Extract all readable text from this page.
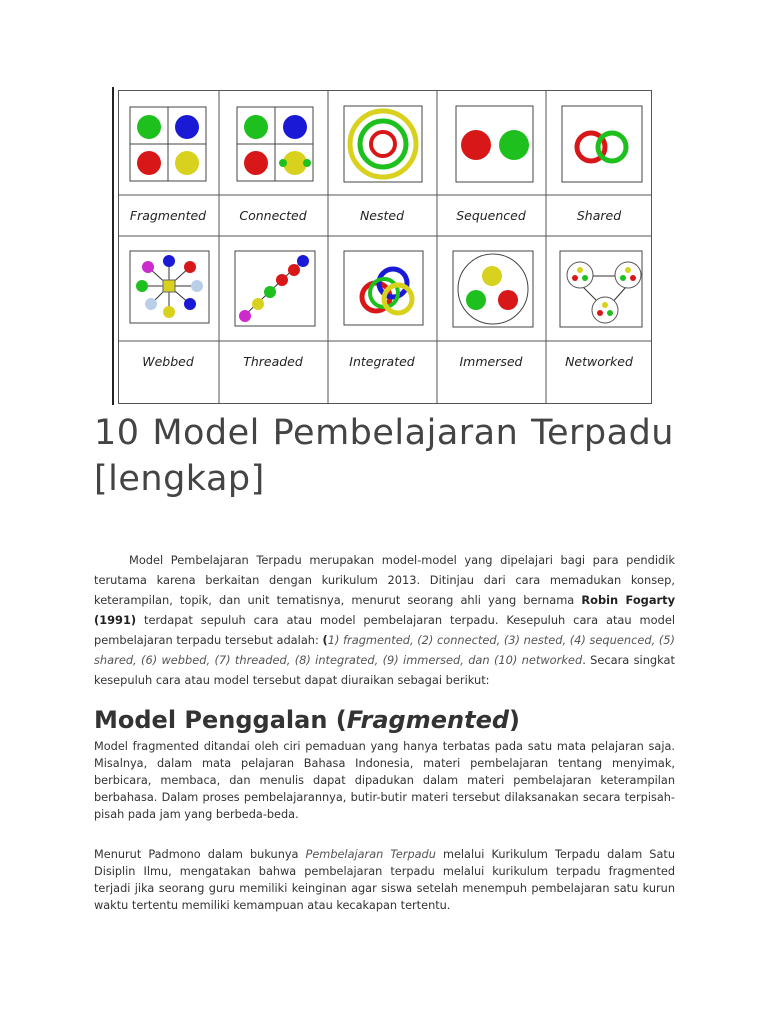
Fragmented	Connected	Nested	Sequenced	Shared
Webbed	Threaded	Integrated	Immersed	Networked
10 Model Pembelajaran Terpadu [lengkap]

Model Pembelajaran Terpadu merupakan model-model yang dipelajari bagi para pendidik terutama karena berkaitan dengan kurikulum 2013. Ditinjau dari cara memadukan konsep, keterampilan, topik, dan unit tematisnya, menurut seorang ahli yang bernama Robin Fogarty (1991) terdapat sepuluh cara atau model pembelajaran terpadu. Kesepuluh cara atau model pembelajaran terpadu tersebut adalah: (1) fragmented, (2) connected, (3) nested, (4) sequenced, (5) shared, (6) webbed, (7) threaded, (8) integrated, (9) immersed, dan (10) networked. Secara singkat kesepuluh cara atau model tersebut dapat diuraikan sebagai berikut:

Model Penggalan (Fragmented)

Model fragmented ditandai oleh ciri pemaduan yang hanya terbatas pada satu mata pelajaran saja. Misalnya, dalam mata pelajaran Bahasa Indonesia, materi pembelajaran tentang menyimak, berbicara, membaca, dan menulis dapat dipadukan dalam materi pembelajaran keterampilan berbahasa. Dalam proses pembelajarannya, butir-butir materi tersebut dilaksanakan secara terpisah-pisah pada jam yang berbeda-beda.

Menurut Padmono dalam bukunya Pembelajaran Terpadu melalui Kurikulum Terpadu dalam Satu Disiplin Ilmu, mengatakan bahwa pembelajaran terpadu melalui kurikulum terpadu fragmented terjadi jika seorang guru memiliki keinginan agar siswa setelah menempuh pembelajaran satu kurun waktu tertentu memiliki kemampuan atau kecakapan tertentu.
